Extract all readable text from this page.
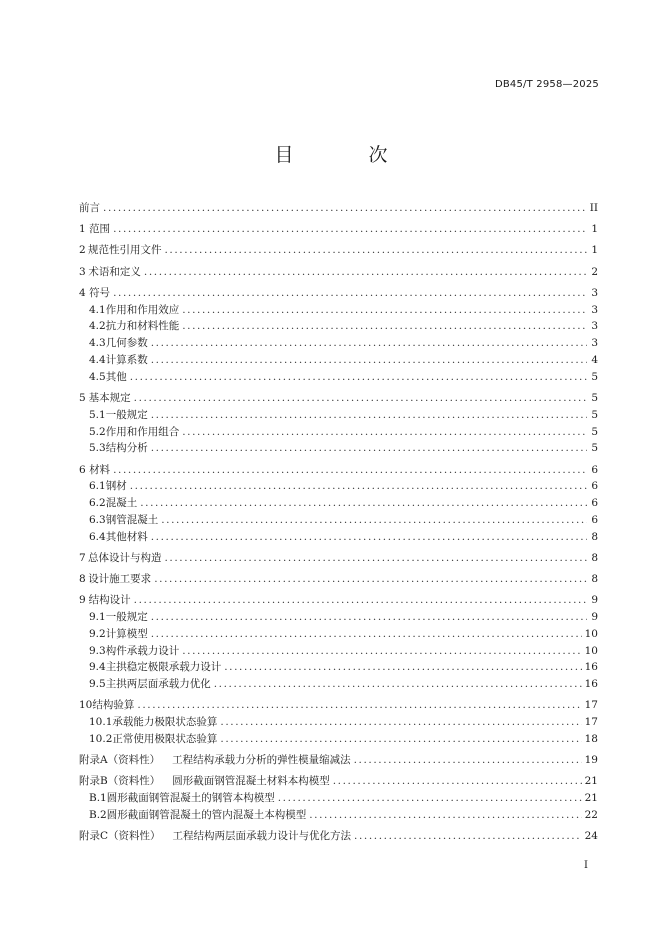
DB45/T 2958—2025
目　次
前言 .....	II
1 范围 .....	1
2 规范性引用文件 .....	1
3 术语和定义 .....	2
4 符号 .....	3
4.1 作用和作用效应 .....	3
4.2 抗力和材料性能 .....	3
4.3 几何参数 .....	3
4.4 计算系数 .....	4
4.5 其他 .....	5
5 基本规定 .....	5
5.1 一般规定 .....	5
5.2 作用和作用组合 .....	5
5.3 结构分析 .....	5
6 材料 .....	6
6.1 钢材 .....	6
6.2 混凝土 .....	6
6.3 钢管混凝土 .....	6
6.4 其他材料 .....	8
7 总体设计与构造 .....	8
8 设计施工要求 .....	8
9 结构设计 .....	9
9.1 一般规定 .....	9
9.2 计算模型 .....	10
9.3 构件承载力设计 .....	10
9.4 主拱稳定极限承载力设计 .....	16
9.5 主拱两层面承载力优化 .....	16
10 结构验算 .....	17
10.1 承载能力极限状态验算 .....	17
10.2 正常使用极限状态验算 .....	18
附录A（资料性） 工程结构承载力分析的弹性模量缩减法 .....	19
附录B（资料性） 圆形截面钢管混凝土材料本构模型 .....	21
B.1 圆形截面钢管混凝土的钢管本构模型 .....	21
B.2 圆形截面钢管混凝土的管内混凝土本构模型 .....	22
附录C（资料性） 工程结构两层面承载力设计与优化方法 .....	24
I
